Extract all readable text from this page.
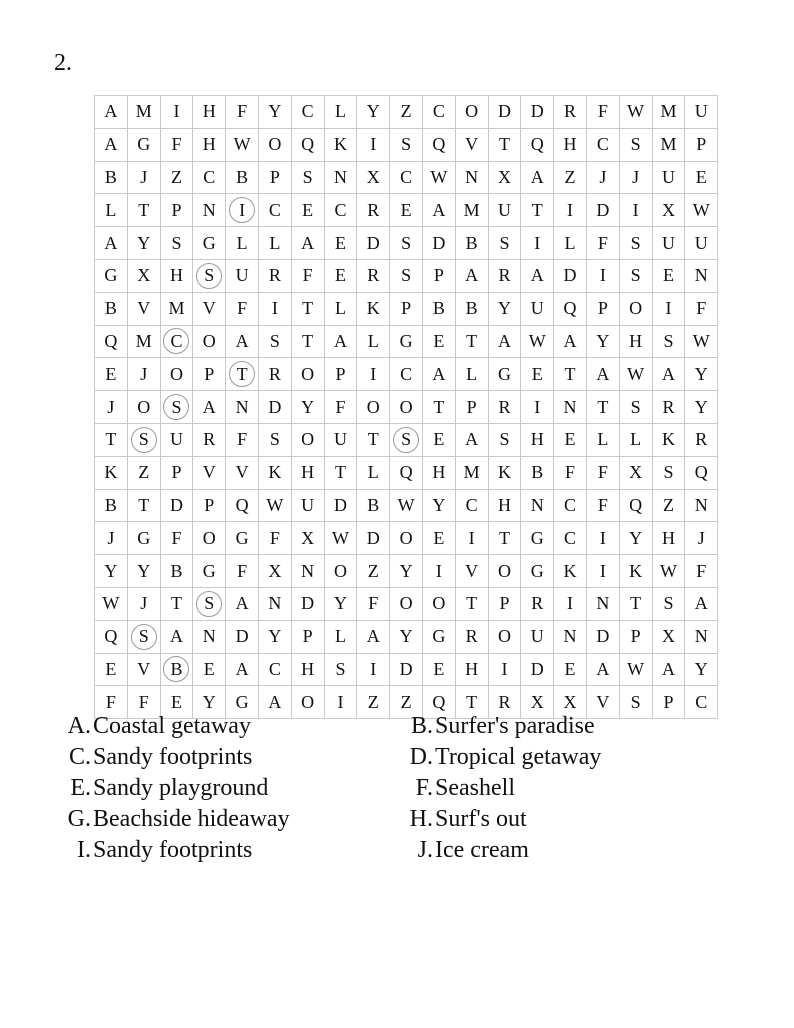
2.
A	M	I	H	F	Y	C	L	Y	Z	C	O	D	D	R	F	W	M	U
A	G	F	H	W	O	Q	K	I	S	Q	V	T	Q	H	C	S	M	P
B	J	Z	C	B	P	S	N	X	C	W	N	X	A	Z	J	J	U	E
L	T	P	N	I	C	E	C	R	E	A	M	U	T	I	D	I	X	W
A	Y	S	G	L	L	A	E	D	S	D	B	S	I	L	F	S	U	U
G	X	H	S	U	R	F	E	R	S	P	A	R	A	D	I	S	E	N
B	V	M	V	F	I	T	L	K	P	B	B	Y	U	Q	P	O	I	F
Q	M	C	O	A	S	T	A	L	G	E	T	A	W	A	Y	H	S	W
E	J	O	P	T	R	O	P	I	C	A	L	G	E	T	A	W	A	Y
J	O	S	A	N	D	Y	F	O	O	T	P	R	I	N	T	S	R	Y
T	S	U	R	F	S	O	U	T	S	E	A	S	H	E	L	L	K	R
K	Z	P	V	V	K	H	T	L	Q	H	M	K	B	F	F	X	S	Q
B	T	D	P	Q	W	U	D	B	W	Y	C	H	N	C	F	Q	Z	N
J	G	F	O	G	F	X	W	D	O	E	I	T	G	C	I	Y	H	J
Y	Y	B	G	F	X	N	O	Z	Y	I	V	O	G	K	I	K	W	F
W	J	T	S	A	N	D	Y	F	O	O	T	P	R	I	N	T	S	A
Q	S	A	N	D	Y	P	L	A	Y	G	R	O	U	N	D	P	X	N
E	V	B	E	A	C	H	S	I	D	E	H	I	D	E	A	W	A	Y
F	F	E	Y	G	A	O	I	Z	Z	Q	T	R	X	X	V	S	P	C
A.Coastal getaway	B.Surfer's paradise
C.Sandy footprints	D.Tropical getaway
E.Sandy playground	F.Seashell
G.Beachside hideaway	H.Surf's out
I.Sandy footprints	J.Ice cream
